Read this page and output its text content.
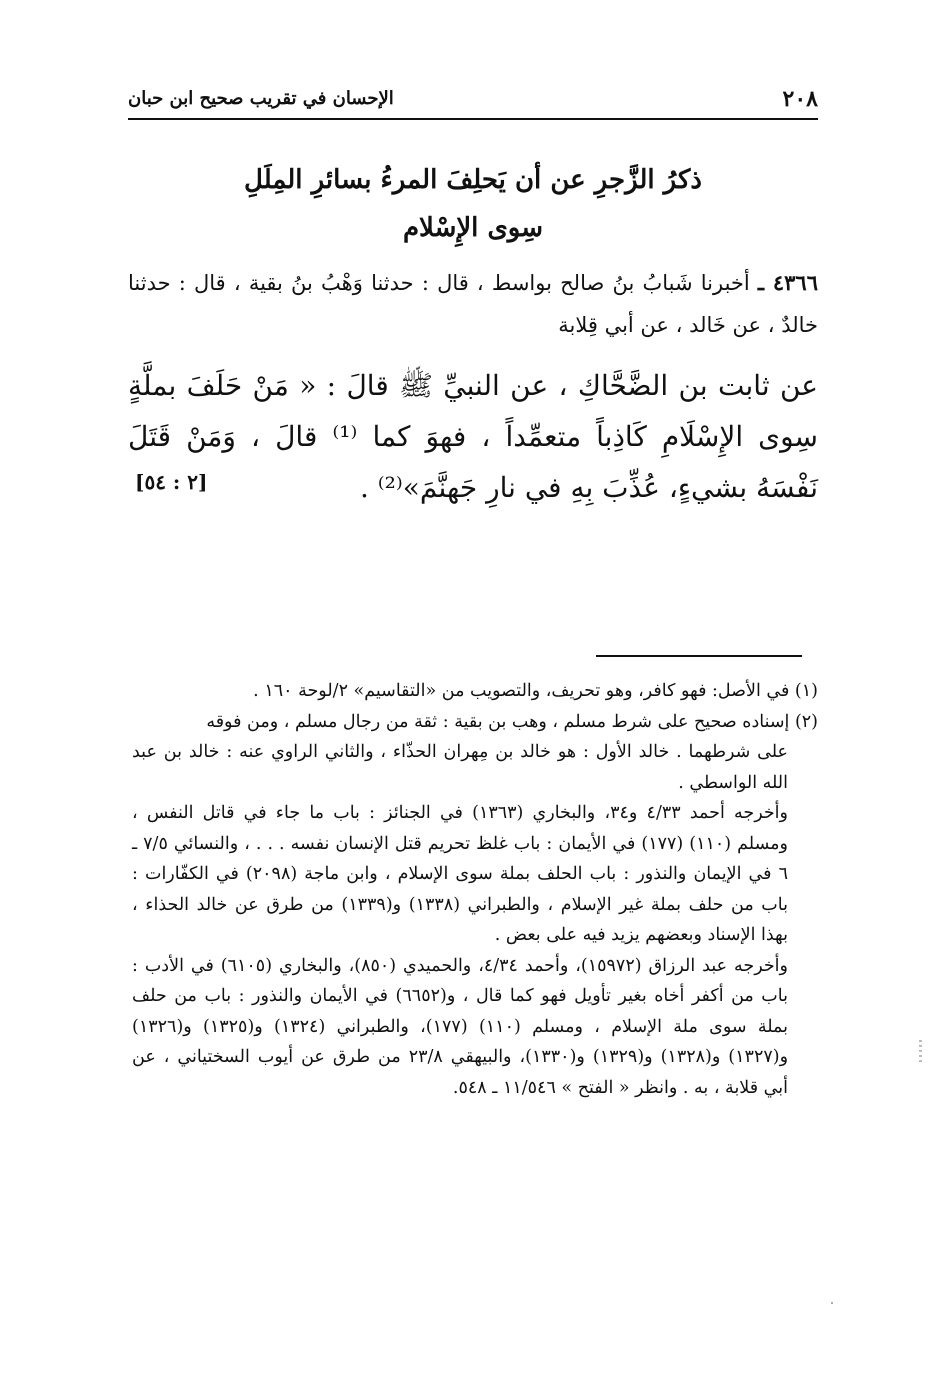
٢٠٨
الإحسان في تقريب صحيح ابن حبان
ذكرُ الزَّجرِ عن أن يَحلِفَ المرءُ بسائرِ المِلَلِ
سِوى الإِسْلام
٤٣٦٦ ـ أخبرنا شَبابُ بنُ صالح بواسط ، قال : حدثنا وَهْبُ بنُ بقية ، قال : حدثنا خالدٌ ، عن خَالد ، عن أبي قِلابة
عن ثابت بن الضَّحَّاكِ ، عن النبيِّ ﷺ قالَ : « مَنْ حَلَفَ بملَّةٍ سِوى الإِسْلَامِ كَاذِباً متعمِّداً ، فهوَ كما ⁽¹⁾ قالَ ، وَمَنْ قَتَلَ نَفْسَهُ بشيءٍ، عُذِّبَ بِهِ في نارِ جَهنَّمَ»⁽²⁾ .
[٢ : ٥٤]

(١) في الأصل: فهو كافر، وهو تحريف، والتصويب من «التقاسيم» ٢/لوحة ١٦٠ .

(٢) إسناده صحيح على شرط مسلم ، وهب بن بقية : ثقة من رجال مسلم ، ومن فوقه

على شرطهما . خالد الأول : هو خالد بن مِهران الحذّاء ، والثاني الراوي عنه : خالد بن عبد الله الواسطي .

وأخرجه أحمد ٤/٣٣ و٣٤، والبخاري (١٣٦٣) في الجنائز : باب ما جاء في قاتل النفس ، ومسلم (١١٠) (١٧٧) في الأيمان : باب غلظ تحريم قتل الإنسان نفسه . . . ، والنسائي ٧/٥ ـ ٦ في الإيمان والنذور : باب الحلف بملة سوى الإسلام ، وابن ماجة (٢٠٩٨) في الكفّارات : باب من حلف بملة غير الإسلام ، والطبراني (١٣٣٨) و(١٣٣٩) من طرق عن خالد الحذاء ، بهذا الإسناد وبعضهم يزيد فيه على بعض .

وأخرجه عبد الرزاق (١٥٩٧٢)، وأحمد ٤/٣٤، والحميدي (٨٥٠)، والبخاري (٦١٠٥) في الأدب : باب من أكفر أخاه بغير تأويل فهو كما قال ، و(٦٦٥٢) في الأيمان والنذور : باب من حلف بملة سوى ملة الإسلام ، ومسلم (١١٠) (١٧٧)، والطبراني (١٣٢٤) و(١٣٢٥) و(١٣٢٦) و(١٣٢٧) و(١٣٢٨) و(١٣٢٩) و(١٣٣٠)، والبيهقي ٢٣/٨ من طرق عن أيوب السختياني ، عن أبي قلابة ، به . وانظر « الفتح » ١١/٥٤٦ ـ ٥٤٨.
